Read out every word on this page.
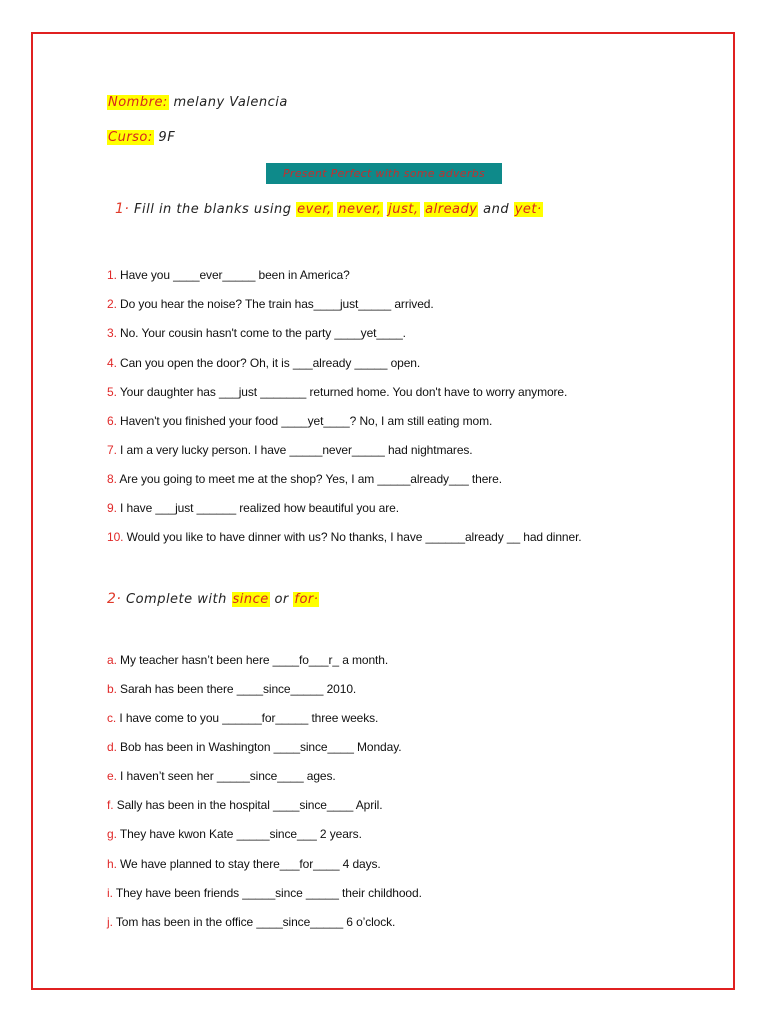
Nombre: melany Valencia
Curso: 9F
Present Perfect with some adverbs
1· Fill in the blanks using ever, never, just, already and yet·
1. Have you ____ever_____ been in America?
2. Do you hear the noise? The train has____just_____ arrived.
3. No. Your cousin hasn't come to the party ____yet____.
4. Can you open the door? Oh, it is ___already _____ open.
5. Your daughter has ___just _______ returned home. You don't have to worry anymore.
6. Haven't you finished your food ____yet____? No, I am still eating mom.
7. I am a very lucky person. I have _____never_____ had nightmares.
8. Are you going to meet me at the shop? Yes, I am _____already___ there.
9. I have ___just ______ realized how beautiful you are.
10. Would you like to have dinner with us? No thanks, I have ______already __ had dinner.
2· Complete with since or for·
a. My teacher hasn’t been here ____fo___r_ a month.
b. Sarah has been there ____since_____ 2010.
c. I have come to you ______for_____ three weeks.
d. Bob has been in Washington ____since____ Monday.
e. I haven’t seen her _____since____ ages.
f. Sally has been in the hospital ____since____ April.
g. They have kwon Kate _____since___ 2 years.
h. We have planned to stay there___for____ 4 days.
i. They have been friends _____since _____ their childhood.
j. Tom has been in the office ____since_____ 6 o’clock.
